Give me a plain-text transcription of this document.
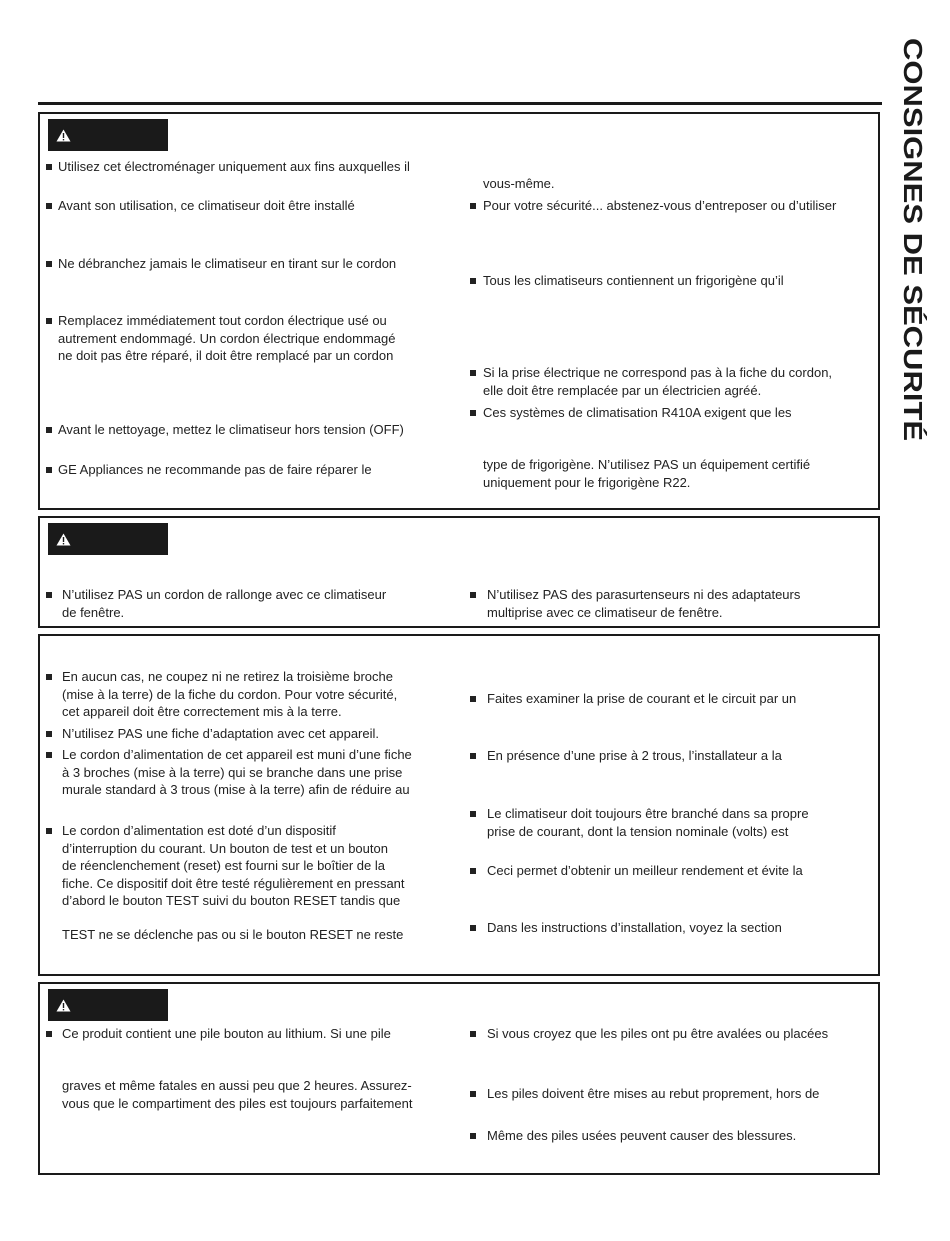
CONSIGNES DE SÉCURITÉ
Utilisez cet électroménager uniquement aux fins auxquelles il
Avant son utilisation, ce climatiseur doit être installé
Ne débranchez jamais le climatiseur en tirant sur le cordon
Remplacez immédiatement tout cordon électrique usé ou
autrement endommagé. Un cordon électrique endommagé
ne doit pas être réparé, il doit être remplacé par un cordon
Avant le nettoyage, mettez le climatiseur hors tension (OFF)
GE Appliances ne recommande pas de faire réparer le
vous-même.
Pour votre sécurité... abstenez-vous d’entreposer ou d’utiliser
Tous les climatiseurs contiennent un frigorigène qu’il
Si la prise électrique ne correspond pas à la fiche du cordon,
elle doit être remplacée par un électricien agréé.
Ces systèmes de climatisation R410A exigent que les
type de frigorigène. N’utilisez PAS un équipement certifié
uniquement pour le frigorigène R22.
N’utilisez PAS un cordon de rallonge avec ce climatiseur
de fenêtre.
N’utilisez PAS des parasurtenseurs ni des adaptateurs
multiprise avec ce climatiseur de fenêtre.
En aucun cas, ne coupez ni ne retirez la troisième broche
(mise à la terre) de la fiche du cordon. Pour votre sécurité,
cet appareil doit être correctement mis à la terre.
N’utilisez PAS une fiche d’adaptation avec cet appareil.
Le cordon d’alimentation de cet appareil est muni d’une fiche
à 3 broches (mise à la terre) qui se branche dans une prise
murale standard à 3 trous (mise à la terre) afin de réduire au
Le cordon d’alimentation est doté d’un dispositif
d’interruption du courant. Un bouton de test et un bouton
de réenclenchement (reset) est fourni sur le boîtier de la
fiche. Ce dispositif doit être testé régulièrement en pressant
d’abord le bouton TEST suivi du bouton RESET tandis que
TEST ne se déclenche pas ou si le bouton RESET ne reste
Faites examiner la prise de courant et le circuit par un
En présence d’une prise à 2 trous, l’installateur a la
Le climatiseur doit toujours être branché dans sa propre
prise de courant, dont la tension nominale (volts) est
Ceci permet d’obtenir un meilleur rendement et évite la
Dans les instructions d’installation, voyez la section
Ce produit contient une pile bouton au lithium. Si une pile
graves et même fatales en aussi peu que 2 heures. Assurez-
vous que le compartiment des piles est toujours parfaitement
Si vous croyez que les piles ont pu être avalées ou placées
Les piles doivent être mises au rebut proprement, hors de
Même des piles usées peuvent causer des blessures.
